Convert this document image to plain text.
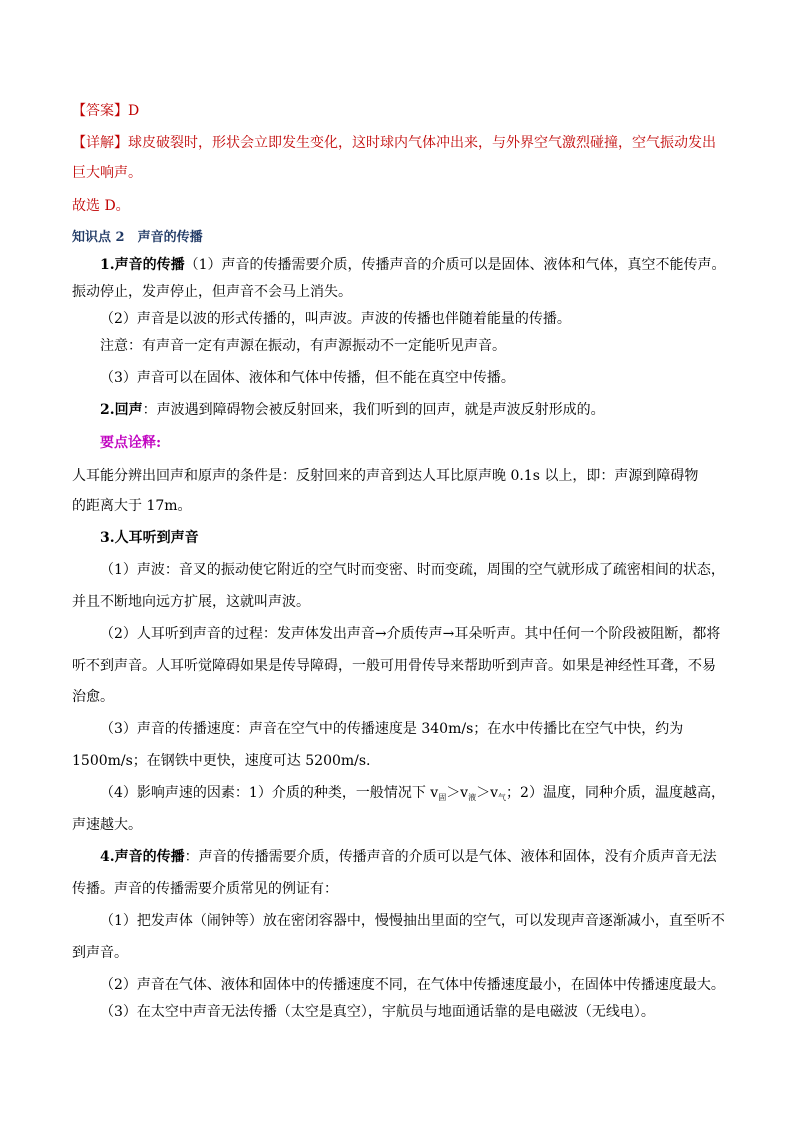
【答案】D
【详解】球皮破裂时，形状会立即发生变化，这时球内气体冲出来，与外界空气激烈碰撞，空气振动发出
巨大响声。
故选 D。
知识点 2　声音的传播
1.声音的传播（1）声音的传播需要介质，传播声音的介质可以是固体、液体和气体，真空不能传声。
振动停止，发声停止，但声音不会马上消失。
（2）声音是以波的形式传播的，叫声波。声波的传播也伴随着能量的传播。
注意：有声音一定有声源在振动，有声源振动不一定能听见声音。
（3）声音可以在固体、液体和气体中传播，但不能在真空中传播。
2.回声：声波遇到障碍物会被反射回来，我们听到的回声，就是声波反射形成的。
要点诠释:
人耳能分辨出回声和原声的条件是：反射回来的声音到达人耳比原声晚 0.1s 以上，即：声源到障碍物
的距离大于 17m。
3.人耳听到声音
（1）声波：音叉的振动使它附近的空气时而变密、时而变疏，周围的空气就形成了疏密相间的状态，
并且不断地向远方扩展，这就叫声波。
（2）人耳听到声音的过程：发声体发出声音→介质传声→耳朵听声。其中任何一个阶段被阻断，都将
听不到声音。人耳听觉障碍如果是传导障碍，一般可用骨传导来帮助听到声音。如果是神经性耳聋，不易
治愈。
（3）声音的传播速度：声音在空气中的传播速度是 340m/s；在水中传播比在空气中快，约为
1500m/s；在钢铁中更快，速度可达 5200m/s.
（4）影响声速的因素：1）介质的种类，一般情况下 $v_固>v_液>v_气$；2）温度，同种介质，温度越高，
声速越大。
4.声音的传播：声音的传播需要介质，传播声音的介质可以是气体、液体和固体，没有介质声音无法
传播。声音的传播需要介质常见的例证有：
（1）把发声体（闹钟等）放在密闭容器中，慢慢抽出里面的空气，可以发现声音逐渐减小，直至听不
到声音。
（2）声音在气体、液体和固体中的传播速度不同，在气体中传播速度最小，在固体中传播速度最大。
（3）在太空中声音无法传播（太空是真空），宇航员与地面通话靠的是电磁波（无线电）。
